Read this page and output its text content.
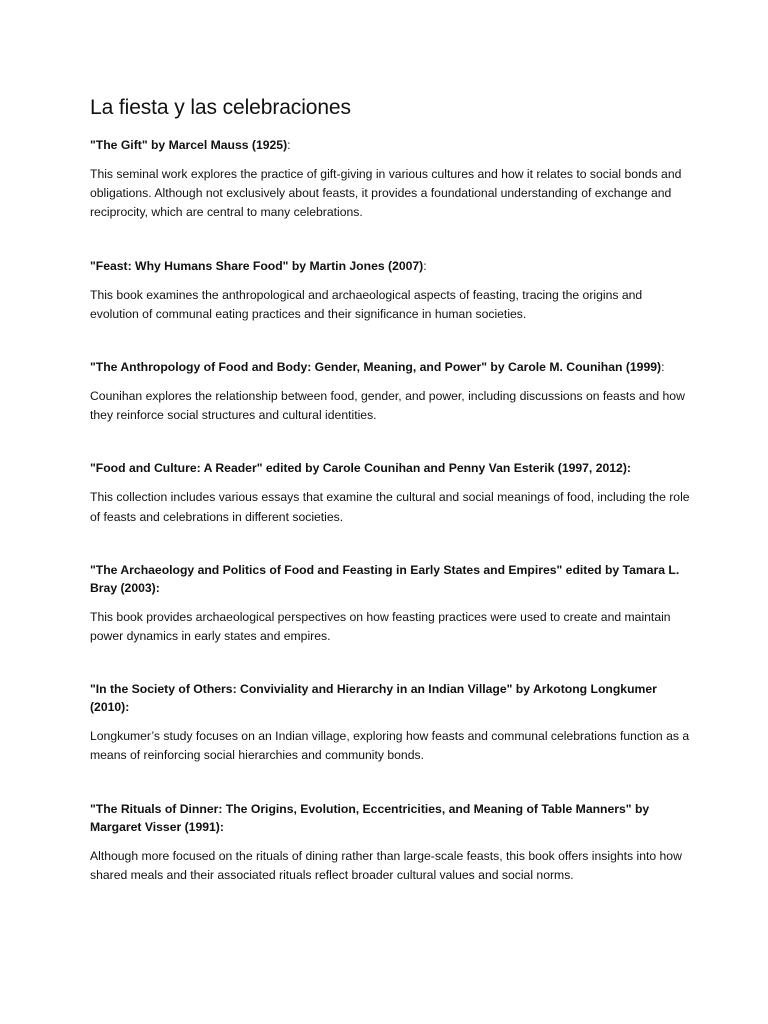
La fiesta y las celebraciones

"The Gift" by Marcel Mauss (1925):

This seminal work explores the practice of gift-giving in various cultures and how it relates to social bonds and obligations. Although not exclusively about feasts, it provides a foundational understanding of exchange and reciprocity, which are central to many celebrations.

"Feast: Why Humans Share Food" by Martin Jones (2007):

This book examines the anthropological and archaeological aspects of feasting, tracing the origins and evolution of communal eating practices and their significance in human societies.

"The Anthropology of Food and Body: Gender, Meaning, and Power" by Carole M. Counihan (1999):

Counihan explores the relationship between food, gender, and power, including discussions on feasts and how they reinforce social structures and cultural identities.

"Food and Culture: A Reader" edited by Carole Counihan and Penny Van Esterik (1997, 2012):

This collection includes various essays that examine the cultural and social meanings of food, including the role of feasts and celebrations in different societies.

"The Archaeology and Politics of Food and Feasting in Early States and Empires" edited by Tamara L. Bray (2003):

This book provides archaeological perspectives on how feasting practices were used to create and maintain power dynamics in early states and empires.

"In the Society of Others: Conviviality and Hierarchy in an Indian Village" by Arkotong Longkumer (2010):

Longkumer’s study focuses on an Indian village, exploring how feasts and communal celebrations function as a means of reinforcing social hierarchies and community bonds.

"The Rituals of Dinner: The Origins, Evolution, Eccentricities, and Meaning of Table Manners" by Margaret Visser (1991):

Although more focused on the rituals of dining rather than large-scale feasts, this book offers insights into how shared meals and their associated rituals reflect broader cultural values and social norms.
